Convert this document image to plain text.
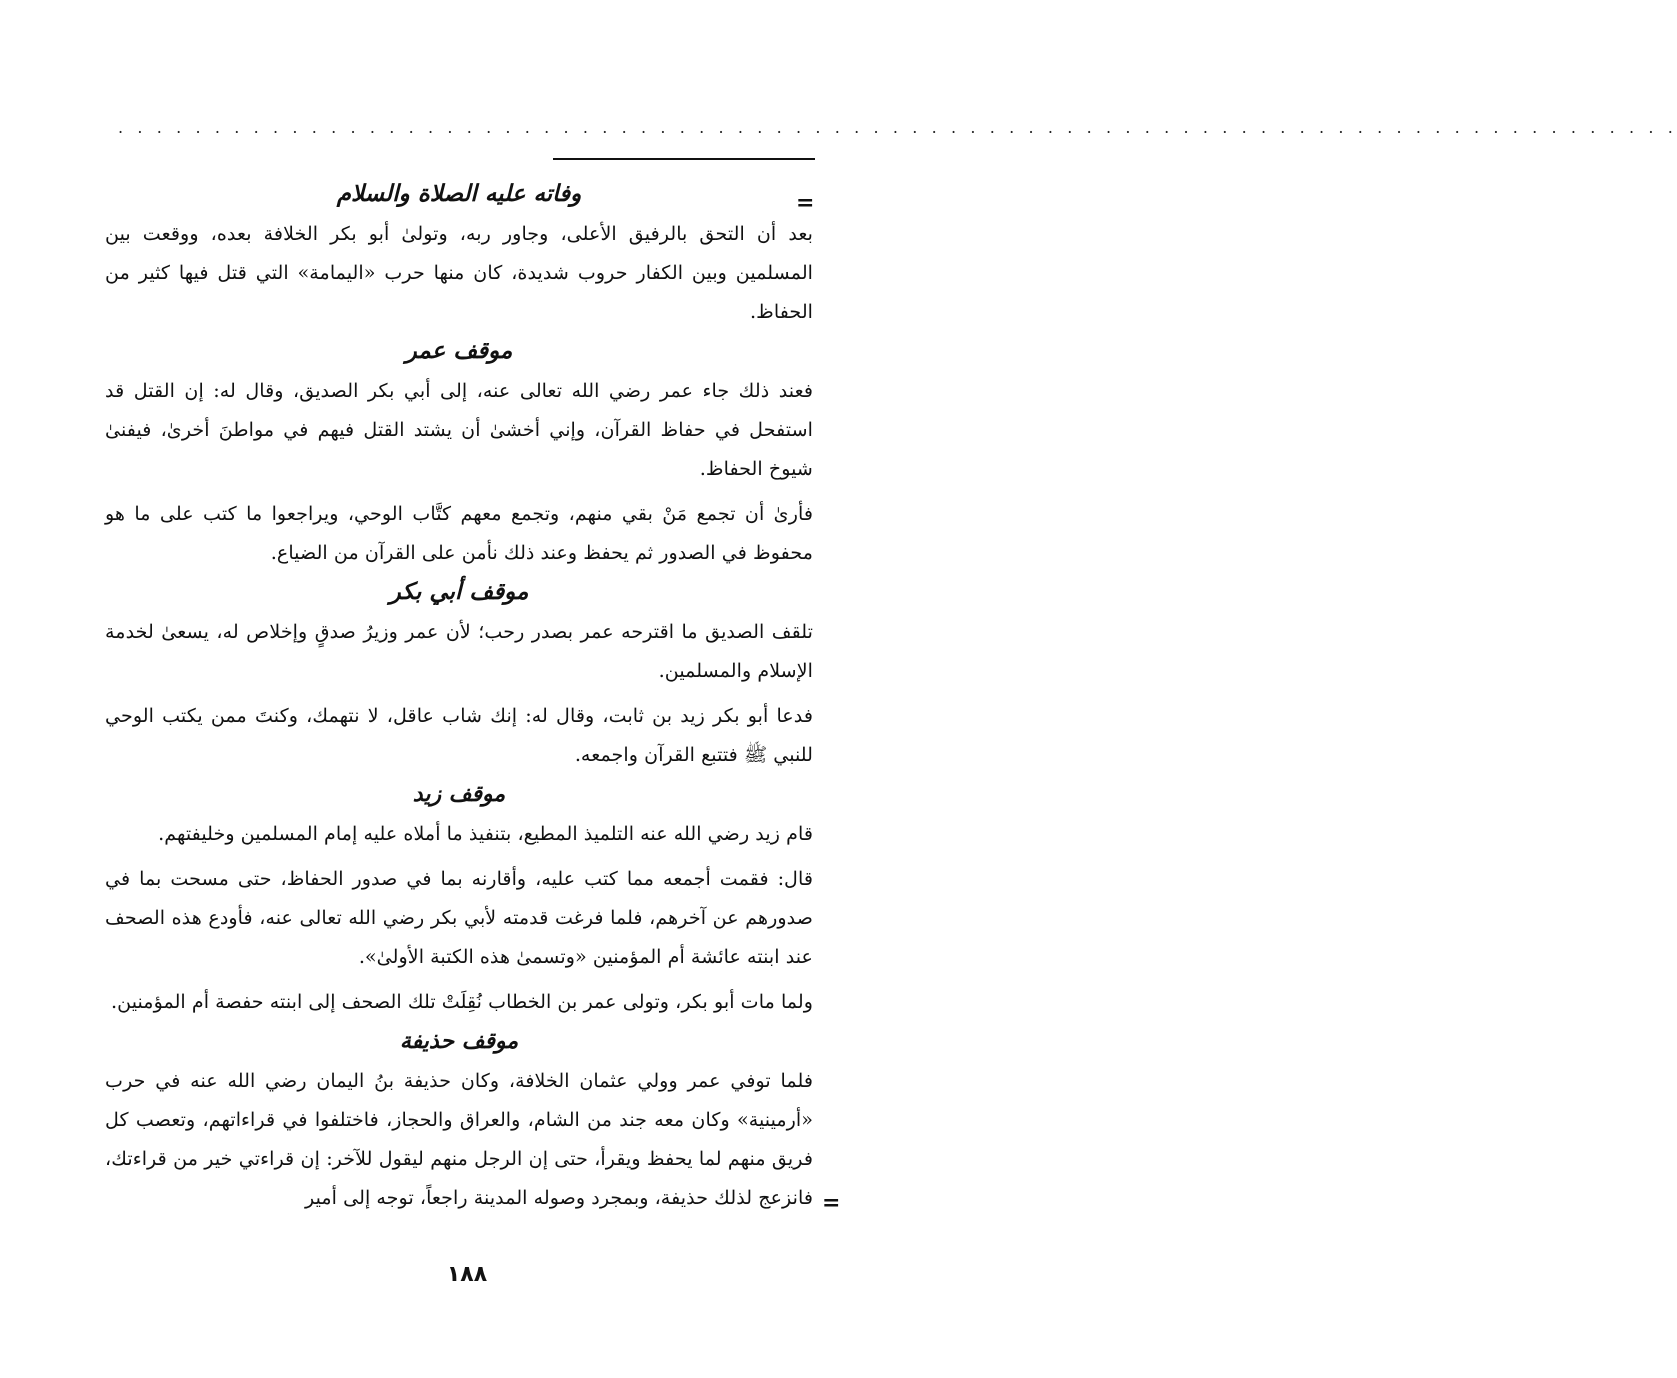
. . . . . . . . . . . . . . . . . . . . . . . . . . . . . . . . . . . . . . . . . . . . . . . . . . . . . . . . . . . . . . . . . . . . . . . . . . . . . . . . .
=
وفاته عليه الصلاة والسلام

بعد أن التحق بالرفيق الأعلى، وجاور ربه، وتولىٰ أبو بكر الخلافة بعده، ووقعت بين المسلمين وبين الكفار حروب شديدة، كان منها حرب «اليمامة» التي قتل فيها كثير من الحفاظ.

موقف عمر

فعند ذلك جاء عمر رضي الله تعالى عنه، إلى أبي بكر الصديق، وقال له: إن القتل قد استفحل في حفاظ القرآن، وإني أخشىٰ أن يشتد القتل فيهم في مواطنَ أخرىٰ، فيفنىٰ شيوخ الحفاظ.

فأرىٰ أن تجمع مَنْ بقي منهم، وتجمع معهم كتَّاب الوحي، ويراجعوا ما كتب على ما هو محفوظ في الصدور ثم يحفظ وعند ذلك نأمن على القرآن من الضياع.

موقف أبي بكر

تلقف الصديق ما اقترحه عمر بصدر رحب؛ لأن عمر وزيرُ صدقٍ وإخلاص له، يسعىٰ لخدمة الإسلام والمسلمين.

فدعا أبو بكر زيد بن ثابت، وقال له: إنك شاب عاقل، لا نتهمك، وكنتَ ممن يكتب الوحي للنبي ﷺ فتتبع القرآن واجمعه.

موقف زيد

قام زيد رضي الله عنه التلميذ المطيع، بتنفيذ ما أملاه عليه إمام المسلمين وخليفتهم.

قال: فقمت أجمعه مما كتب عليه، وأقارنه بما في صدور الحفاظ، حتى مسحت بما في صدورهم عن آخرهم، فلما فرغت قدمته لأبي بكر رضي الله تعالى عنه، فأودع هذه الصحف عند ابنته عائشة أم المؤمنين «وتسمىٰ هذه الكتبة الأولىٰ».

ولما مات أبو بكر، وتولى عمر بن الخطاب نُقِلَتْ تلك الصحف إلى ابنته حفصة أم المؤمنين.

موقف حذيفة

فلما توفي عمر وولي عثمان الخلافة، وكان حذيفة بنُ اليمان رضي الله عنه في حرب «أرمينية» وكان معه جند من الشام، والعراق والحجاز، فاختلفوا في قراءاتهم، وتعصب كل فريق منهم لما يحفظ ويقرأ، حتى إن الرجل منهم ليقول للآخر: إن قراءتي خير من قراءتك، فانزعج لذلك حذيفة، وبمجرد وصوله المدينة راجعاً، توجه إلى أمير =
١٨٨
